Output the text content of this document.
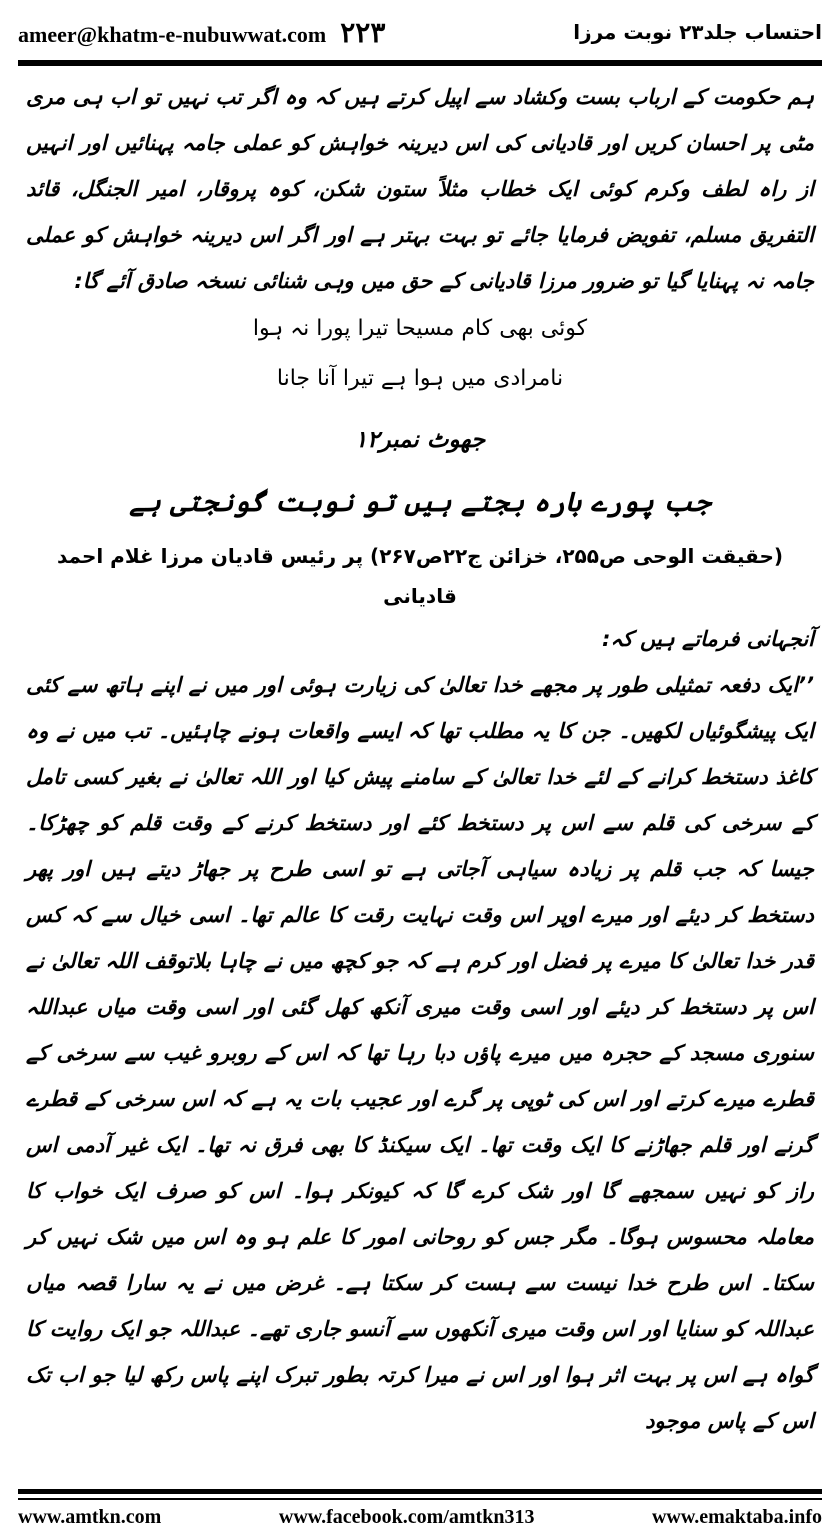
ameer@khatm-e-nubuwwat.com ۲۲۳	احتساب جلد۲۳ نوبت مرزا

ہم حکومت کے ارباب بست وکشاد سے اپیل کرتے ہیں کہ وہ اگر تب نہیں تو اب ہی مری مٹی پر احسان کریں اور قادیانی کی اس دیرینہ خواہش کو عملی جامہ پہنائیں اور انہیں از راہ لطف وکرم کوئی ایک خطاب مثلاً ستون شکن، کوہ پروقار، امیر الجنگل، قائد التفریق مسلم، تفویض فرمایا جائے تو بہت بہتر ہے اور اگر اس دیرینہ خواہش کو عملی جامہ نہ پہنایا گیا تو ضرور مرزا قادیانی کے حق میں وہی شنائی نسخہ صادق آئے گا:

کوئی بھی کام مسیحا تیرا پورا نہ ہوا

نامرادی میں ہوا ہے تیرا آنا جانا

جھوٹ نمبر۱۲

جب پورے بارہ بجتے ہیں تو نوبت گونجتی ہے

(حقیقت الوحی ص۲۵۵، خزائن ج۲۲ص۲۶۷) پر رئیس قادیان مرزا غلام احمد قادیانی

آنجہانی فرماتے ہیں کہ:

’’ایک دفعہ تمثیلی طور پر مجھے خدا تعالیٰ کی زیارت ہوئی اور میں نے اپنے ہاتھ سے کئی ایک پیشگوئیاں لکھیں۔ جن کا یہ مطلب تھا کہ ایسے واقعات ہونے چاہئیں۔ تب میں نے وہ کاغذ دستخط کرانے کے لئے خدا تعالیٰ کے سامنے پیش کیا اور اللہ تعالیٰ نے بغیر کسی تامل کے سرخی کی قلم سے اس پر دستخط کئے اور دستخط کرنے کے وقت قلم کو چھڑکا۔ جیسا کہ جب قلم پر زیادہ سیاہی آجاتی ہے تو اسی طرح پر جھاڑ دیتے ہیں اور پھر دستخط کر دیئے اور میرے اوپر اس وقت نہایت رقت کا عالم تھا۔ اسی خیال سے کہ کس قدر خدا تعالیٰ کا میرے پر فضل اور کرم ہے کہ جو کچھ میں نے چاہا بلاتوقف اللہ تعالیٰ نے اس پر دستخط کر دیئے اور اسی وقت میری آنکھ کھل گئی اور اسی وقت میاں عبداللہ سنوری مسجد کے حجرہ میں میرے پاؤں دبا رہا تھا کہ اس کے روبرو غیب سے سرخی کے قطرے میرے کرتے اور اس کی ٹوپی پر گرے اور عجیب بات یہ ہے کہ اس سرخی کے قطرے گرنے اور قلم جھاڑنے کا ایک وقت تھا۔ ایک سیکنڈ کا بھی فرق نہ تھا۔ ایک غیر آدمی اس راز کو نہیں سمجھے گا اور شک کرے گا کہ کیونکر ہوا۔ اس کو صرف ایک خواب کا معاملہ محسوس ہوگا۔ مگر جس کو روحانی امور کا علم ہو وہ اس میں شک نہیں کر سکتا۔ اس طرح خدا نیست سے ہست کر سکتا ہے۔ غرض میں نے یہ سارا قصہ میاں عبداللہ کو سنایا اور اس وقت میری آنکھوں سے آنسو جاری تھے۔ عبداللہ جو ایک روایت کا گواہ ہے اس پر بہت اثر ہوا اور اس نے میرا کرتہ بطور تبرک اپنے پاس رکھ لیا جو اب تک اس کے پاس موجود

www.amtkn.com	www.facebook.com/amtkn313	www.emaktaba.info
